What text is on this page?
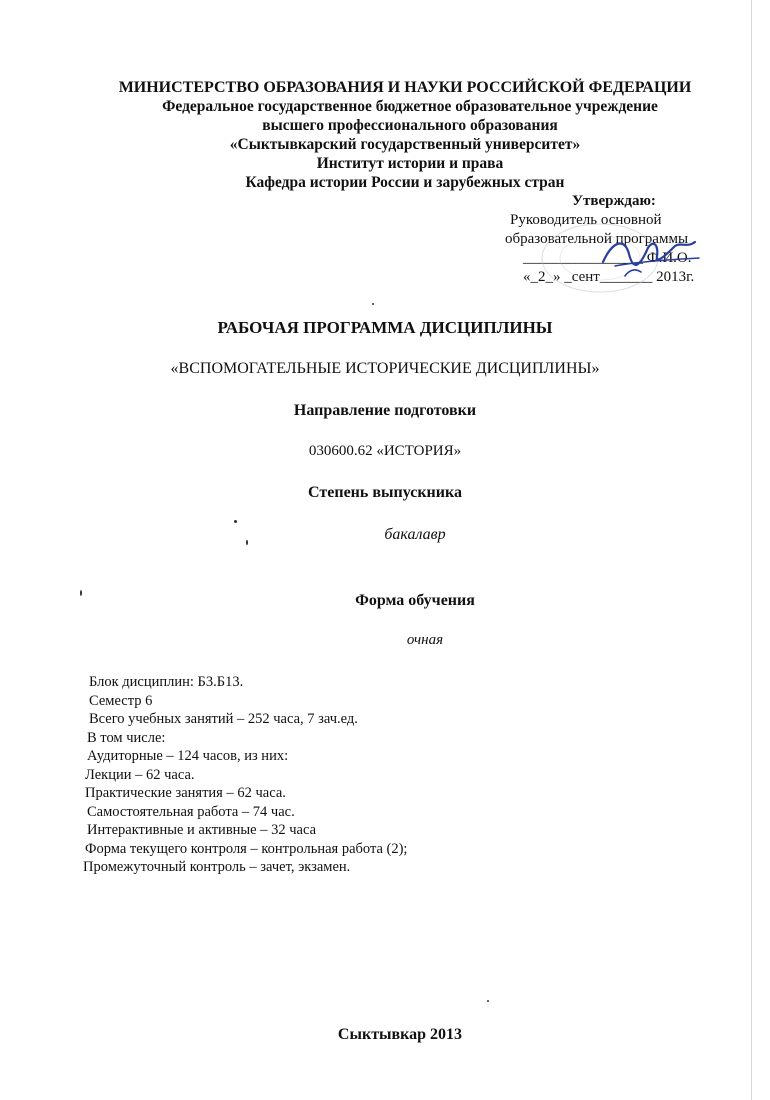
МИНИСТЕРСТВО ОБРАЗОВАНИЯ И НАУКИ РОССИЙСКОЙ ФЕДЕРАЦИИ
Федеральное государственное бюджетное образовательное учреждение
высшего профессионального образования
«Сыктывкарский государственный университет»
Институт истории и права
Кафедра истории России и зарубежных стран
Утверждаю:
Руководитель основной
образовательной программы
________________ Ф.И.О.
«_2_» _сент_______ 2013г.
РАБОЧАЯ ПРОГРАММА ДИСЦИПЛИНЫ
«ВСПОМОГАТЕЛЬНЫЕ ИСТОРИЧЕСКИЕ ДИСЦИПЛИНЫ»
Направление подготовки
030600.62 «ИСТОРИЯ»
Степень выпускника
бакалавр
Форма обучения
очная
Блок дисциплин: Б3.Б13.
Семестр 6
Всего учебных занятий – 252 часа, 7 зач.ед.
В том числе:
Аудиторные – 124 часов, из них:
Лекции – 62 часа.
Практические занятия – 62 часа.
Самостоятельная работа – 74 час.
Интерактивные и активные – 32 часа
Форма текущего контроля – контрольная работа (2);
Промежуточный контроль – зачет, экзамен.
Сыктывкар 2013
